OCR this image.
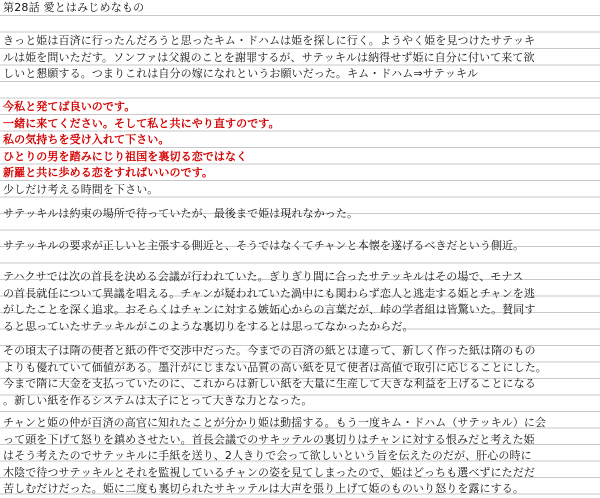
第28話 愛とはみじめなもの
きっと姫は百済に行ったんだろうと思ったキム・ドハムは姫を探しに行く。ようやく姫を見つけたサテッキ
ルは姫を問いただす。ソンファは父親のことを謝罪するが、サテッキルは納得せず姫に自分に付いて来て欲
しいと懇願する。つまりこれは自分の嫁になれというお願いだった。キム・ドハム⇒サテッキル
今私と発てば良いのです。
一緒に来てください。そして私と共にやり直すのです。
私の気持ちを受け入れて下さい。
ひとりの男を踏みにじり祖国を裏切る恋ではなく
新羅と共に歩める恋をすればいいのです。
少しだけ考える時間を下さい。
サテッキルは約束の場所で待っていたが、最後まで姫は現れなかった。
サテッキルの要求が正しいと主張する側近と、そうではなくてチャンと本懐を遂げるべきだという側近。
テハクサでは次の首長を決める会議が行われていた。ぎりぎり間に合ったサテッキルはその場で、モナス
の首長就任について異議を唱える。チャンが疑われていた渦中にも関わらず恋人と逃走する姫とチャンを逃
がしたことを深く追求。おそらくはチャンに対する嫉妬心からの言葉だが、峠の学者組は皆驚いた。賛同す
ると思っていたサテッキルがこのような裏切りをするとは思ってなかったからだ。
その頃太子は隋の使者と紙の件で交渉中だった。今までの百済の紙とは違って、新しく作った紙は隋のもの
よりも優れていて価値がある。墨汁がにじまない品質の高い紙を見て使者は高値で取引に応じることにした。
今まで隋に大金を支払っていたのに、これからは新しい紙を大量に生産して大きな利益を上げることになる
。新しい紙を作るシステムは太子にとって大きな力となった。
チャンと姫の仲が百済の高官に知れたことが分かり姫は動揺する。もう一度キム・ドハム（サテッキル）に会
って頭を下げて怒りを鎮めさせたい。首長会議でのサキッテルの裏切りはチャンに対する恨みだと考えた姫
はそう考えたのでサテッキルに手紙を送り、2人きりで会って欲しいという旨を伝えたのだが、肝心の時に
木陰で待つサテッキルとそれを監視しているチャンの姿を見てしまったので、姫はどっちも選べずにただだ
苦しむだけだった。姫に二度も裏切られたサキッテルは大声を張り上げて姫のものいり怒りを露にする。
